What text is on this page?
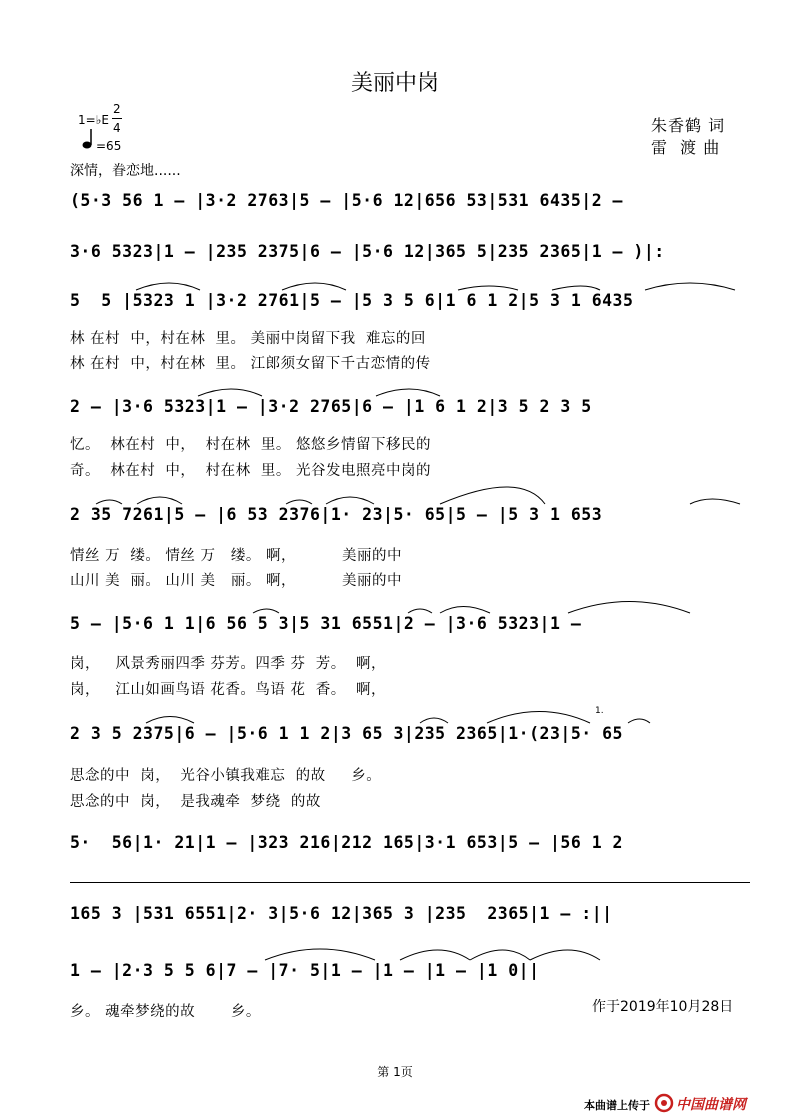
美丽中岗
1=♭E
2
4
=65
深情，眷恋地......
朱香鹤 词
雷  渡 曲
(5·3 56 1 — |3·2 2763|5 — |5·6 12|656 53|531 6435|2 —
3·6 5323|1 — |235 2375|6 — |5·6 12|365 5|235 2365|1 — )|:
5  5 |5323 1 |3·2 2761|5 — |5 3 5 6|1 6 1 2|5 3 1 6435
林 在村  中，村在林  里。 美丽中岗留下我  难忘的回
林 在村  中，村在林  里。 江郎须女留下千古恋情的传
2 — |3·6 5323|1 — |3·2 2765|6 — |1 6 1 2|3 5 2 3 5
忆。  林在村  中，  村在林  里。 悠悠乡情留下移民的
奇。  林在村  中，  村在林  里。 光谷发电照亮中岗的
2 35 7261|5 — |6 53 2376|1· 23|5· 65|5 — |5 3 1 653
情丝 万  缕。 情丝 万   缕。 啊，         美丽的中
山川 美  丽。 山川 美   丽。 啊，         美丽的中
5 — |5·6 1 1|6 56 5 3|5 31 6551|2 — |3·6 5323|1 —
岗，   风景秀丽四季 芬芳。四季 芬  芳。  啊，
岗，   江山如画鸟语 花香。鸟语 花  香。  啊，
1.
2 3 5 2375|6 — |5·6 1 1 2|3 65 3|235 2365|1·(23|5· 65
思念的中  岗，  光谷小镇我难忘  的故     乡。
思念的中  岗，  是我魂牵  梦绕  的故
5·  56|1· 21|1 — |323 216|212 165|3·1 653|5 — |56 1 2
165 3 |531 6551|2· 3|5·6 12|365 3 |235  2365|1 — :||
1 — |2·3 5 5 6|7 — |7· 5|1 — |1 — |1 — |1 0||
乡。 魂牵梦绕的故       乡。	作于2019年10月28日
第 1页
本曲谱上传于 中国曲谱网
